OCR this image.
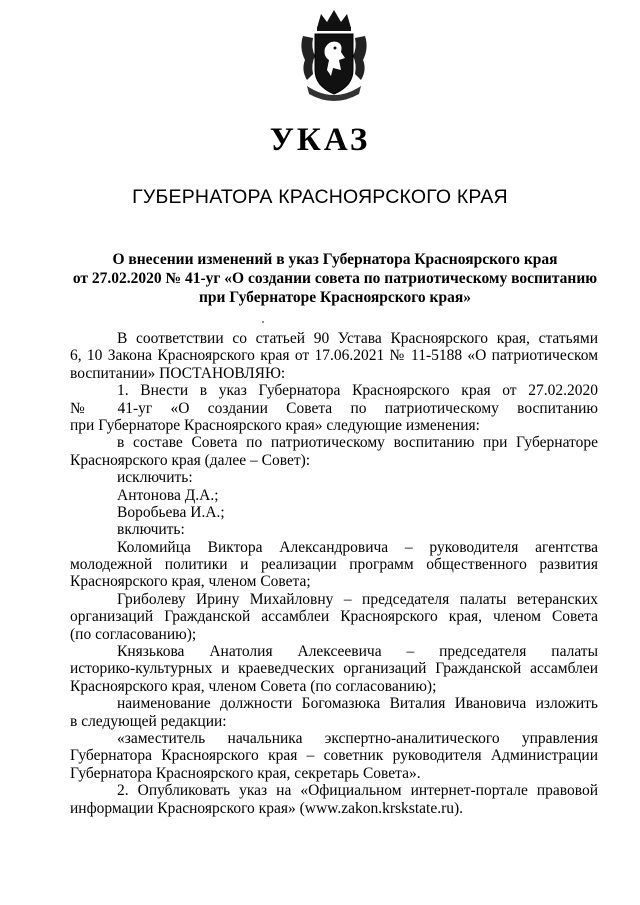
УКАЗ
ГУБЕРНАТОРА КРАСНОЯРСКОГО КРАЯ
О внесении изменений в указ Губернатора Красноярского края
от 27.02.2020 № 41-уг «О создании совета по патриотическому воспитанию
при Губернаторе Красноярского края»
В соответствии со статьей 90 Устава Красноярского края, статьями
6, 10 Закона Красноярского края от 17.06.2021 № 11-5188 «О патриотическом
воспитании» ПОСТАНОВЛЯЮ:
1. Внести в указ Губернатора Красноярского края от 27.02.2020
№ 41-уг «О создании Совета по патриотическому воспитанию
при Губернаторе Красноярского края» следующие изменения:
в составе Совета по патриотическому воспитанию при Губернаторе
Красноярского края (далее – Совет):
исключить:
Антонова Д.А.;
Воробьева И.А.;
включить:
Коломийца Виктора Александровича – руководителя агентства
молодежной политики и реализации программ общественного развития
Красноярского края, членом Совета;
Гриболеву Ирину Михайловну – председателя палаты ветеранских
организаций Гражданской ассамблеи Красноярского края, членом Совета
(по согласованию);
Князькова Анатолия Алексеевича – председателя палаты
историко-культурных и краеведческих организаций Гражданской ассамблеи
Красноярского края, членом Совета (по согласованию);
наименование должности Богомазюка Виталия Ивановича изложить
в следующей редакции:
«заместитель начальника экспертно-аналитического управления
Губернатора Красноярского края – советник руководителя Администрации
Губернатора Красноярского края, секретарь Совета».
2. Опубликовать указ на «Официальном интернет-портале правовой
информации Красноярского края» (www.zakon.krskstate.ru).
